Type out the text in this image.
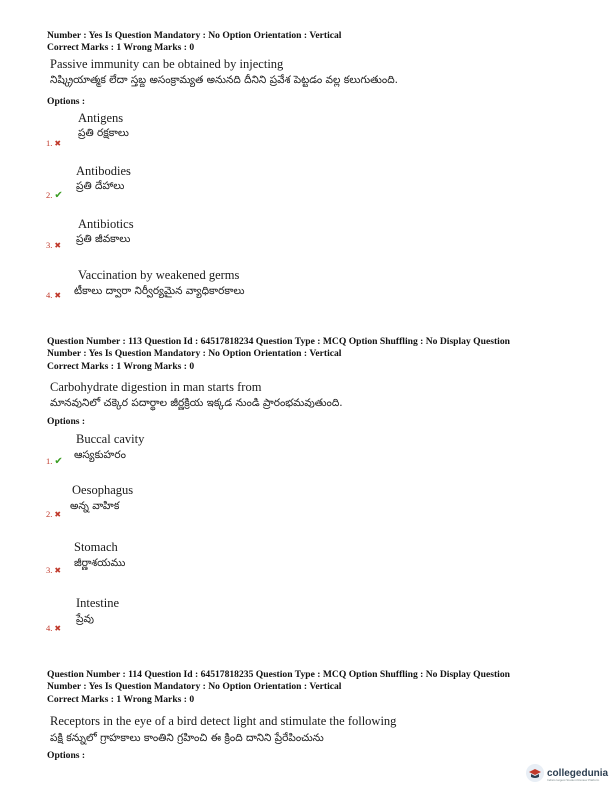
Number : Yes Is Question Mandatory : No Option Orientation : Vertical
Correct Marks : 1 Wrong Marks : 0
Passive immunity can be obtained by injecting
నిష్క్రియాత్మక లేదా స్తబ్ద అసంక్రామ్యత అనునది దీనిని ప్రవేశ పెట్టడం వల్ల కలుగుతుంది.
Options :
Antigens
ప్రతి రక్షకాలు
1. ✖
Antibodies
ప్రతి దేహాలు
2. ✔
Antibiotics
ప్రతి జీవకాలు
3. ✖
Vaccination by weakened germs
టీకాలు ద్వారా నిర్వీర్యమైన వ్యాధికారకాలు
4. ✖
Question Number : 113 Question Id : 64517818234 Question Type : MCQ Option Shuffling : No Display Question
Number : Yes Is Question Mandatory : No Option Orientation : Vertical
Correct Marks : 1 Wrong Marks : 0
Carbohydrate digestion in man starts from
మానవునిలో చక్కెర పదార్థాల జీర్ణక్రియ ఇక్కడ నుండి ప్రారంభమవుతుంది.
Options :
Buccal cavity
ఆస్యకుహరం
1. ✔
Oesophagus
అన్న వాహిక
2. ✖
Stomach
జీర్ణాశయము
3. ✖
Intestine
ప్రేవు
4. ✖
Question Number : 114 Question Id : 64517818235 Question Type : MCQ Option Shuffling : No Display Question
Number : Yes Is Question Mandatory : No Option Orientation : Vertical
Correct Marks : 1 Wrong Marks : 0
Receptors in the eye of a bird detect light and stimulate the following
పక్షి కన్నులో గ్రాహకాలు కాంతిని గ్రహించి ఈ క్రింది దానిని ప్రేరేపించును
Options :
collegedunia
India's largest Student Review Platform
